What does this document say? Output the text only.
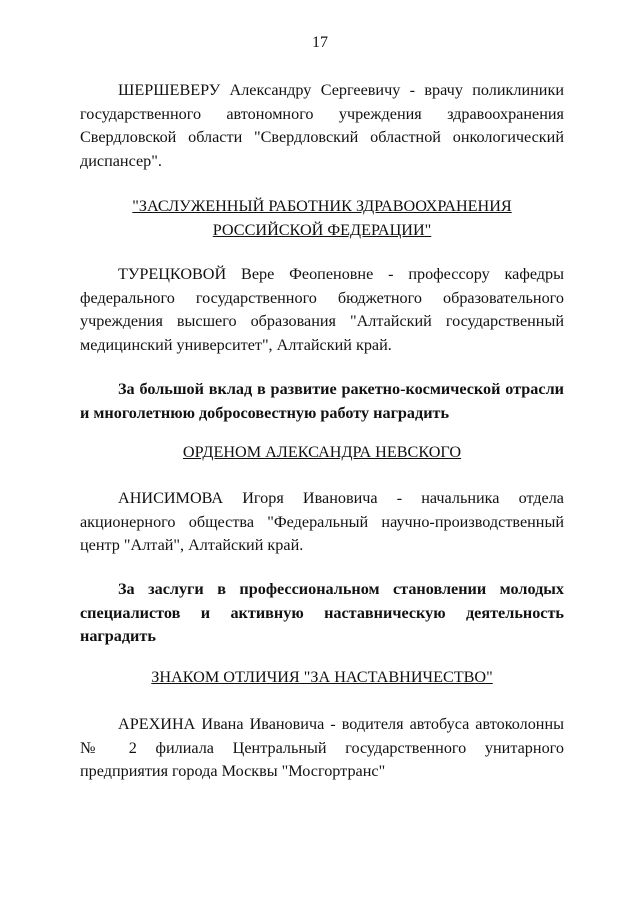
17

ШЕРШЕВЕРУ Александру Сергеевичу - врачу поликлиники государственного автономного учреждения здравоохранения Свердловской области "Свердловский областной онкологический диспансер".

"ЗАСЛУЖЕННЫЙ РАБОТНИК ЗДРАВООХРАНЕНИЯ
РОССИЙСКОЙ ФЕДЕРАЦИИ"

ТУРЕЦКОВОЙ Вере Феопеновне - профессору кафедры федерального государственного бюджетного образовательного учреждения высшего образования "Алтайский государственный медицинский университет", Алтайский край.

За большой вклад в развитие ракетно-космической отрасли и многолетнюю добросовестную работу наградить

ОРДЕНОМ АЛЕКСАНДРА НЕВСКОГО

АНИСИМОВА Игоря Ивановича - начальника отдела акционерного общества "Федеральный научно-производственный центр "Алтай", Алтайский край.

За заслуги в профессиональном становлении молодых специалистов и активную наставническую деятельность наградить

ЗНАКОМ ОТЛИЧИЯ "ЗА НАСТАВНИЧЕСТВО"

АРЕХИНА Ивана Ивановича - водителя автобуса автоколонны № 2 филиала Центральный государственного унитарного предприятия города Москвы "Мосгортранс"
